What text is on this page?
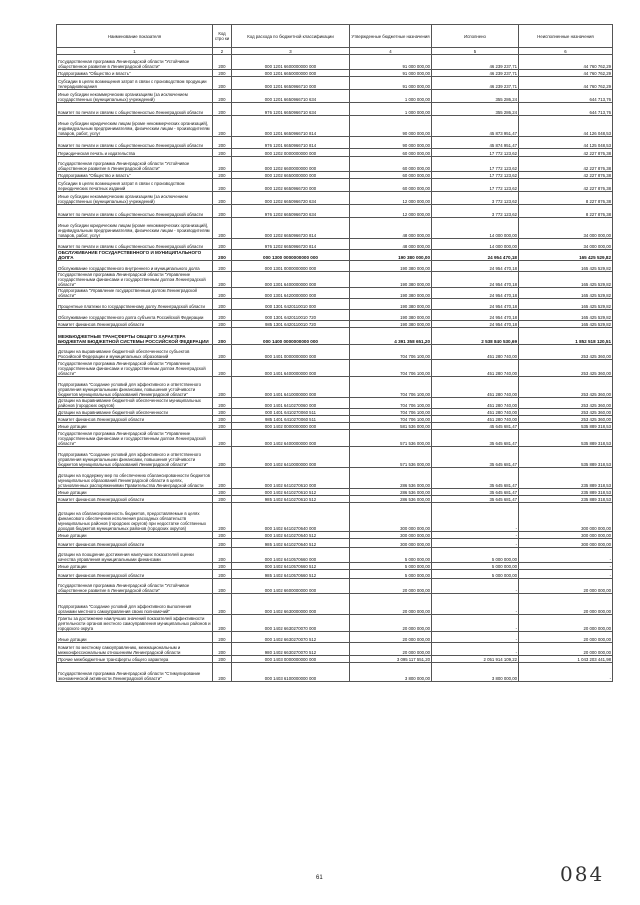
Наименование показателя	Код стро ки	Код расхода по бюджетной классификации	Утвержденные бюджетные назначения	Исполнено	Неисполненные назначения
1	2	3	4	5	6
Государственная программа Ленинградской области "Устойчивое общественное развитие в Ленинградской области"	200	000 1201 6600000000 000	91 000 000,00	46 239 237,71	44 760 762,29
Подпрограмма "Общество и власть"	200	000 1201 6650000000 000	91 000 000,00	46 239 237,71	44 760 762,29
Субсидии в целях возмещения затрат в связи с производством продукции телерадиовещания	200	000 1201 6650966710 000	91 000 000,00	46 239 237,71	44 760 762,29
Иные субсидии некоммерческим организациям (за исключением государственных (муниципальных) учреждений)	200	000 1201 6650966710 634	1 000 000,00	355 286,24	644 713,76
Комитет по печати и связям с общественностью Ленинградской области	200	976 1201 6650966710 634	1 000 000,00	355 286,24	644 713,76
Иные субсидии юридическим лицам (кроме некоммерческих организаций), индивидуальным предпринимателям, физическим лицам - производителям товаров, работ, услуг	200	000 1201 6650966710 814	90 000 000,00	45 873 951,47	44 126 048,53
Комитет по печати и связям с общественностью Ленинградской области	200	976 1201 6650966710 814	90 000 000,00	45 874 951,47	44 125 048,53
Периодическая печать и издательства	200	000 1202 0000000000 000	60 000 000,00	17 772 123,62	42 227 876,38
Государственная программа Ленинградской области "Устойчивое общественное развитие в Ленинградской области"	200	000 1202 6600000000 000	60 000 000,00	17 772 123,62	42 227 876,38
Подпрограмма "Общество и власть"	200	000 1202 6650000000 000	60 000 000,00	17 772 123,62	42 227 876,38
Субсидии в целях возмещения затрат в связи с производством периодических печатных изданий	200	000 1202 6650966720 000	60 000 000,00	17 772 123,62	42 227 876,38
Иные субсидии некоммерческим организациям (за исключением государственных (муниципальных) учреждений)	200	000 1202 6650966720 634	12 000 000,00	3 772 123,62	8 227 876,38
Комитет по печати и связям с общественностью Ленинградской области	200	976 1202 6650966720 634	12 000 000,00	3 772 123,62	8 227 876,38
Иные субсидии юридическим лицам (кроме некоммерческих организаций), индивидуальным предпринимателям, физическим лицам - производителям товаров, работ, услуг	200	000 1202 6650966720 814	48 000 000,00	14 000 000,00	34 000 000,00
Комитет по печати и связям с общественностью Ленинградской области	200	976 1202 6650966720 814	48 000 000,00	14 000 000,00	34 000 000,00
ОБСЛУЖИВАНИЕ ГОСУДАРСТВЕННОГО И МУНИЦИПАЛЬНОГО ДОЛГА	200	000 1300 0000000000 000	190 380 000,00	24 954 470,18	165 425 529,82
Обслуживание государственного внутреннего и муниципального долга	200	000 1301 0000000000 000	190 380 000,00	24 954 470,18	165 425 529,82
Государственная программа Ленинградской области "Управление государственными финансами и государственным долгом Ленинградской области"	200	000 1301 6400000000 000	190 380 000,00	24 954 470,18	165 425 529,82
Подпрограмма "Управление государственным долгом Ленинградской области"	200	000 1301 6420000000 000	190 380 000,00	24 954 470,18	165 425 529,82
Процентные платежи по государственному долгу Ленинградской области	200	000 1301 6420110010 000	190 380 000,00	24 954 470,18	165 425 529,82
Обслуживание государственного долга субъекта Российской Федерации	200	000 1301 6420110010 720	190 380 000,00	24 954 470,18	165 425 529,82
Комитет финансов Ленинградской области	200	985 1301 6420110010 720	190 380 000,00	24 954 470,18	165 425 529,82
МЕЖБЮДЖЕТНЫЕ ТРАНСФЕРТЫ ОБЩЕГО ХАРАКТЕРА БЮДЖЕТАМ БЮДЖЕТНОЙ СИСТЕМЫ РОССИЙСКОЙ ФЕДЕРАЦИИ	200	000 1400 0000000000 000	4 391 358 651,20	2 538 840 530,69	1 852 518 120,51
Дотации на выравнивание бюджетной обеспеченности субъектов Российской Федерации и муниципальных образований	200	000 1401 0000000000 000	704 706 100,00	451 280 740,00	253 425 360,00
Государственная программа Ленинградской области "Управление государственными финансами и государственным долгом Ленинградской области"	200	000 1401 6400000000 000	704 706 100,00	451 280 740,00	253 425 360,00
Подпрограмма "Создание условий для эффективного и ответственного управления муниципальными финансами, повышения устойчивости бюджетов муниципальных образований Ленинградской области"	200	000 1401 6410000000 000	704 706 100,00	451 280 740,00	253 425 360,00
Дотации на выравнивание бюджетной обеспеченности муниципальных районов (городских округов)	200	000 1401 6410270060 000	704 706 100,00	451 280 740,00	253 425 360,00
Дотации на выравнивание бюджетной обеспеченности	200	000 1401 6410270060 511	704 706 100,00	451 280 740,00	253 425 360,00
Комитет финансов Ленинградской области	200	985 1401 6410270060 511	704 706 100,00	451 280 740,00	253 425 360,00
Иные дотации	200	000 1402 0000000000 000	581 536 000,00	45 645 681,47	535 889 318,53
Государственная программа Ленинградской области "Управление государственными финансами и государственным долгом Ленинградской области"	200	000 1402 6400000000 000	571 536 000,00	35 645 681,47	535 889 318,53
Подпрограмма "Создание условий для эффективного и ответственного управления муниципальными финансами, повышения устойчивости бюджетов муниципальных образований Ленинградской области"	200	000 1402 6410000000 000	571 536 000,00	35 645 681,47	535 889 318,53
Дотации на поддержку мер по обеспечению сбалансированности бюджетов муниципальных образований Ленинградской области в целях, установленных распоряжениями Правительства Ленинградской области	200	000 1402 6410270610 000	286 536 000,00	35 645 681,47	235 889 318,53
Иные дотации	200	000 1402 6410270610 512	286 536 000,00	35 645 681,47	235 889 318,53
Комитет финансов Ленинградской области	200	985 1402 6410270610 512	286 536 000,00	35 645 681,47	235 889 318,53
Дотации на сбалансированность бюджетов, предоставляемые в целях финансового обеспечения исполнения расходных обязательств муниципальных районов (городских округов) при недостатке собственных доходов бюджетов муниципальных районов (городских округов)	200	000 1402 6410270640 000	300 000 000,00	-	300 000 000,00
Иные дотации	200	000 1402 6410270640 512	300 000 000,00	-	300 000 000,00
Комитет финансов Ленинградской области	200	985 1402 6410270640 512	300 000 000,00	-	300 000 000,00
Дотации на поощрение достижения наилучших показателей оценки качества управления муниципальными финансами	200	000 1402 6410570660 000	5 000 000,00	5 000 000,00	-
Иные дотации	200	000 1402 6410570660 512	5 000 000,00	5 000 000,00	-
Комитет финансов Ленинградской области	200	985 1402 6410570660 512	5 000 000,00	5 000 000,00	-
Государственная программа Ленинградской области "Устойчивое общественное развитие в Ленинградской области"	200	000 1402 6600000000 000	20 000 000,00	-	20 000 000,00
Подпрограмма "Создание условий для эффективного выполнения органами местного самоуправления своих полномочий"	200	000 1402 6630000000 000	20 000 000,00	-	20 000 000,00
Гранты за достижение наилучших значений показателей эффективности деятельности органов местного самоуправления муниципальных районов и городского округа	200	000 1402 6630270070 000	20 000 000,00	-	20 000 000,00
Иные дотации	200	000 1402 6630270070 512	20 000 000,00	-	20 000 000,00
Комитет по местному самоуправлению, межнациональным и межконфессиональным отношениям Ленинградской области	200	980 1402 6630270070 512	20 000 000,00	-	20 000 000,00
Прочие межбюджетные трансферты общего характера	200	000 1403 0000000000 000	3 095 117 551,20	2 051 914 109,22	1 043 203 441,98
Государственная программа Ленинградской области "Стимулирование экономической активности Ленинградской области"	200	000 1403 6100000000 000	3 800 000,00	3 800 000,00	-
61	084
